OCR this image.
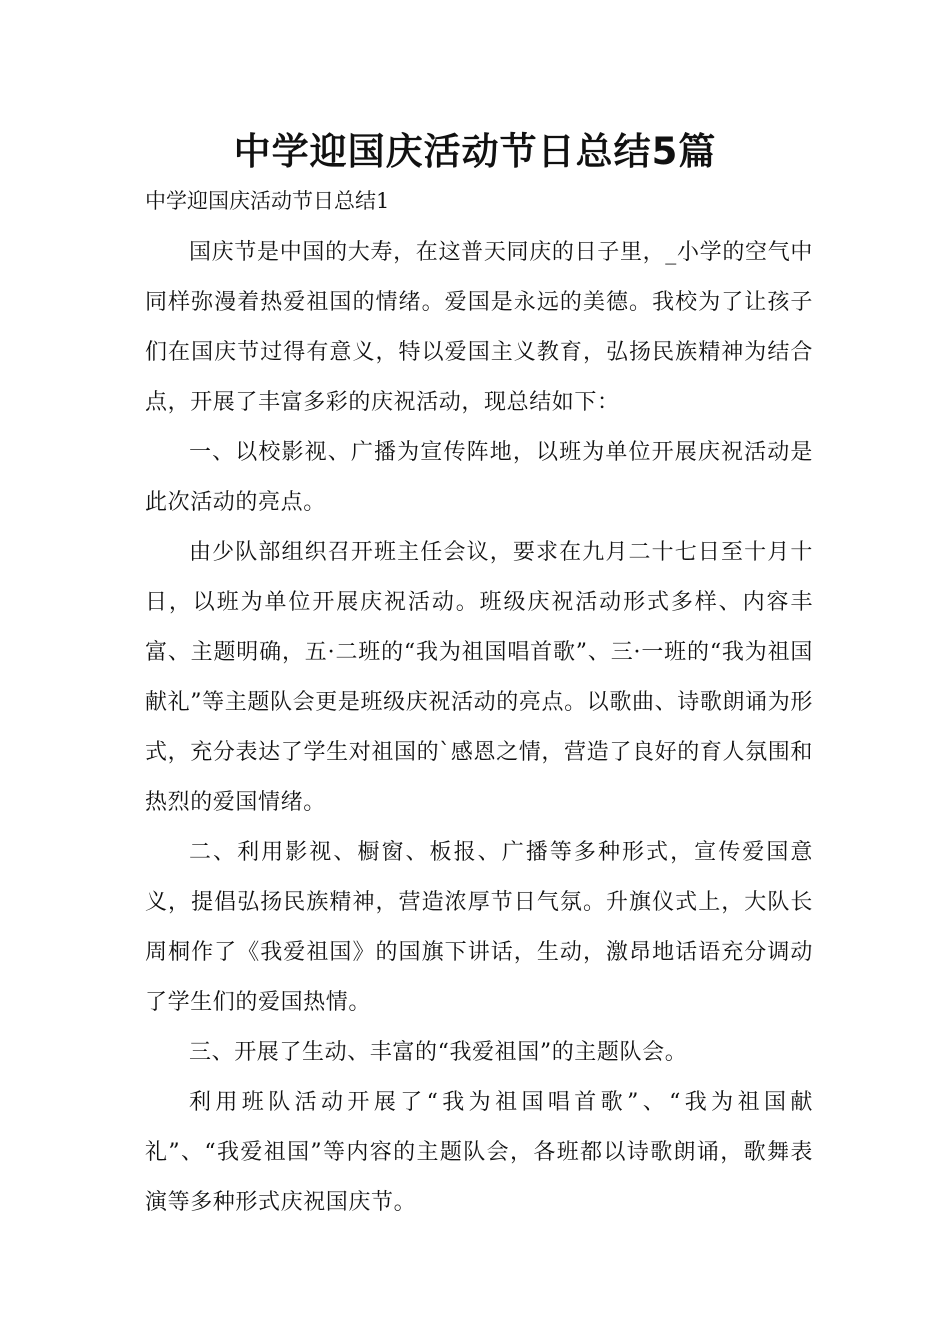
中学迎国庆活动节日总结5篇
中学迎国庆活动节日总结1

国庆节是中国的大寿，在这普天同庆的日子里，_小学的空气中同样弥漫着热爱祖国的情绪。爱国是永远的美德。我校为了让孩子们在国庆节过得有意义，特以爱国主义教育，弘扬民族精神为结合点，开展了丰富多彩的庆祝活动，现总结如下：

一、以校影视、广播为宣传阵地，以班为单位开展庆祝活动是此次活动的亮点。

由少队部组织召开班主任会议，要求在九月二十七日至十月十日，以班为单位开展庆祝活动。班级庆祝活动形式多样、内容丰富、主题明确，五·二班的“我为祖国唱首歌”、三·一班的“我为祖国献礼”等主题队会更是班级庆祝活动的亮点。以歌曲、诗歌朗诵为形式，充分表达了学生对祖国的`感恩之情，营造了良好的育人氛围和热烈的爱国情绪。

二、利用影视、橱窗、板报、广播等多种形式，宣传爱国意义，提倡弘扬民族精神，营造浓厚节日气氛。升旗仪式上，大队长周桐作了《我爱祖国》的国旗下讲话，生动，激昂地话语充分调动了学生们的爱国热情。

三、开展了生动、丰富的“我爱祖国”的主题队会。

利用班队活动开展了“我为祖国唱首歌”、“我为祖国献礼”、“我爱祖国”等内容的主题队会，各班都以诗歌朗诵，歌舞表演等多种形式庆祝国庆节。
